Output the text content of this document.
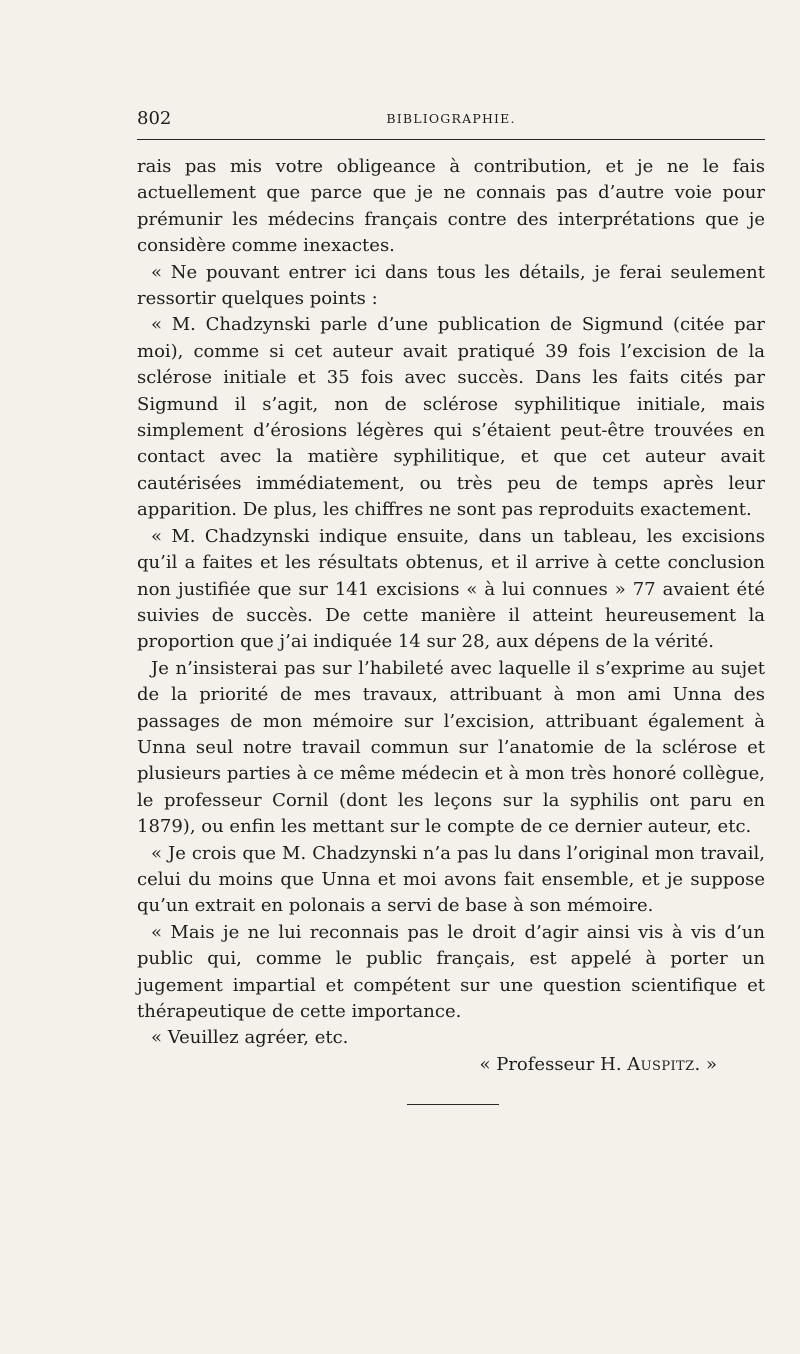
802	BIBLIOGRAPHIE.

rais pas mis votre obligeance à contribution, et je ne le fais actuellement que parce que je ne connais pas d’autre voie pour prémunir les médecins français contre des interprétations que je considère comme inexactes.

« Ne pouvant entrer ici dans tous les détails, je ferai seulement ressortir quelques points :

« M. Chadzynski parle d’une publication de Sigmund (citée par moi), comme si cet auteur avait pratiqué 39 fois l’excision de la sclérose initiale et 35 fois avec succès. Dans les faits cités par Sigmund il s’agit, non de sclérose syphilitique initiale, mais simplement d’érosions légères qui s’étaient peut-être trouvées en contact avec la matière syphilitique, et que cet auteur avait cautérisées immédiatement, ou très peu de temps après leur apparition. De plus, les chiffres ne sont pas reproduits exactement.

« M. Chadzynski indique ensuite, dans un tableau, les excisions qu’il a faites et les résultats obtenus, et il arrive à cette conclusion non justifiée que sur 141 excisions « à lui connues » 77 avaient été suivies de succès. De cette manière il atteint heureusement la proportion que j’ai indiquée 14 sur 28, aux dépens de la vérité.

Je n’insisterai pas sur l’habileté avec laquelle il s’exprime au sujet de la priorité de mes travaux, attribuant à mon ami Unna des passages de mon mémoire sur l’excision, attribuant également à Unna seul notre travail commun sur l’anatomie de la sclérose et plusieurs parties à ce même médecin et à mon très honoré collègue, le professeur Cornil (dont les leçons sur la syphilis ont paru en 1879), ou enfin les mettant sur le compte de ce dernier auteur, etc.

« Je crois que M. Chadzynski n’a pas lu dans l’original mon travail, celui du moins que Unna et moi avons fait ensemble, et je suppose qu’un extrait en polonais a servi de base à son mémoire.

« Mais je ne lui reconnais pas le droit d’agir ainsi vis à vis d’un public qui, comme le public français, est appelé à porter un jugement impartial et compétent sur une question scientifique et thérapeutique de cette importance.

« Veuillez agréer, etc.

« Professeur H. Auspitz. »
